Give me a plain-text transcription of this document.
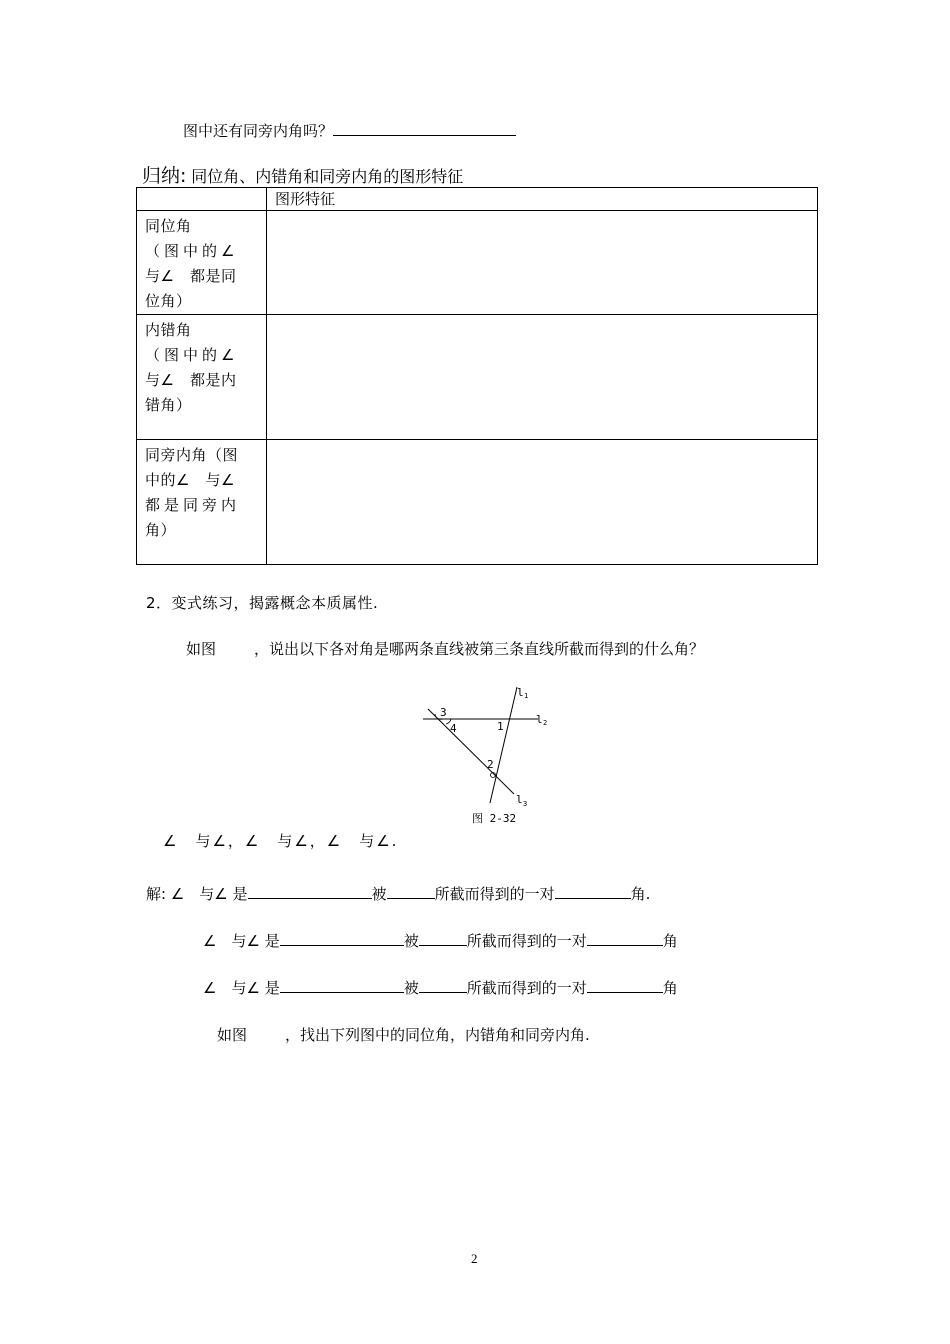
图中还有同旁内角吗？
归纳: 同位角、内错角和同旁内角的图形特征
	图形特征

同位角
（图中的∠
与∠　都是同
位角）	

内错角
（图中的∠
与∠　都是内
错角）	

同旁内角（图
中的∠　与∠
都是同旁内
角）	

2．变式练习，揭露概念本质属性.
如图	，说出以下各对角是哪两条直线被第三条直线所截而得到的什么角？
l 1
l 2
l 3
3
4	1
2
图 2-32
∠　与∠，∠　与∠，∠　与∠.
解: ∠　与∠ 是	被	所截而得到的一对	角.
∠　与∠ 是	被	所截而得到的一对	角
∠　与∠ 是	被	所截而得到的一对	角
如图	，找出下列图中的同位角，内错角和同旁内角.
2
